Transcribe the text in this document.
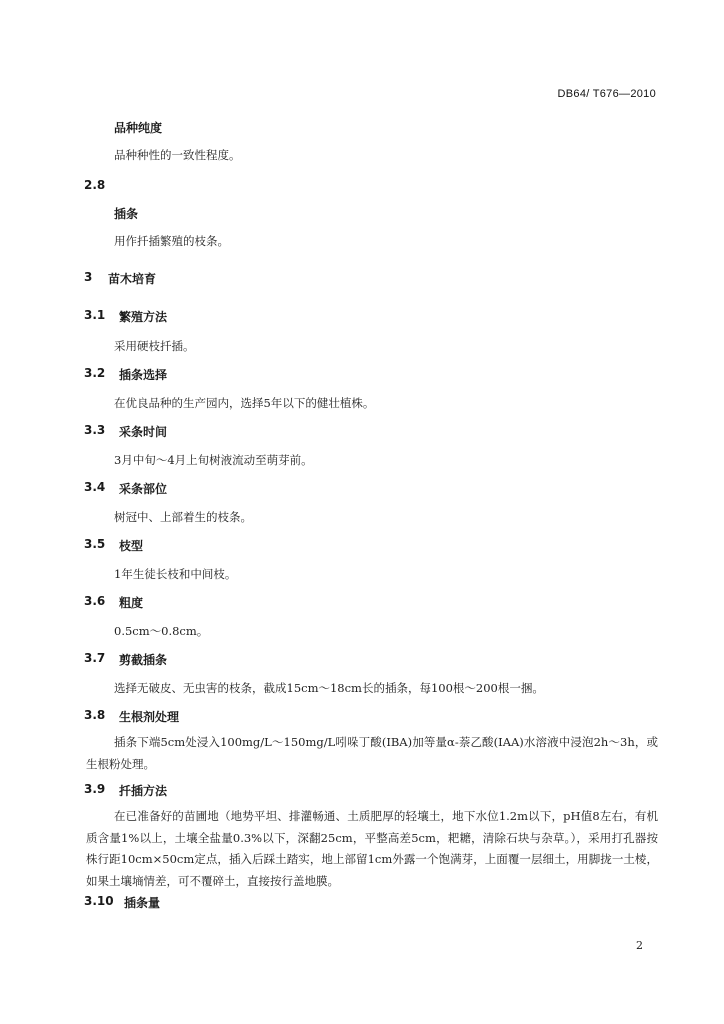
DB64/ T676—2010
品种纯度
品种种性的一致性程度。
2.8
插条
用作扦插繁殖的枝条。
3 苗木培育
3.1 繁殖方法
采用硬枝扦插。
3.2 插条选择
在优良品种的生产园内，选择5年以下的健壮植株。
3.3 采条时间
3月中旬～4月上旬树液流动至萌芽前。
3.4 采条部位
树冠中、上部着生的枝条。
3.5 枝型
1年生徒长枝和中间枝。
3.6 粗度
0.5cm～0.8cm。
3.7 剪截插条
选择无破皮、无虫害的枝条，截成15cm～18cm长的插条，每100根～200根一捆。
3.8 生根剂处理
插条下端5cm处浸入100mg/L～150mg/L吲哚丁酸(IBA)加等量α-萘乙酸(IAA)水溶液中浸泡2h～3h，或生根粉处理。
3.9 扦插方法
在已准备好的苗圃地（地势平坦、排灌畅通、土质肥厚的轻壤土，地下水位1.2m以下，pH值8左右，有机质含量1%以上，土壤全盐量0.3%以下，深翻25cm，平整高差5cm，耙耱，清除石块与杂草。），采用打孔器按株行距10cm×50cm定点，插入后踩土踏实，地上部留1cm外露一个饱满芽，上面覆一层细土，用脚拢一土棱，如果土壤墒情差，可不覆碎土，直接按行盖地膜。
3.10 插条量
2
